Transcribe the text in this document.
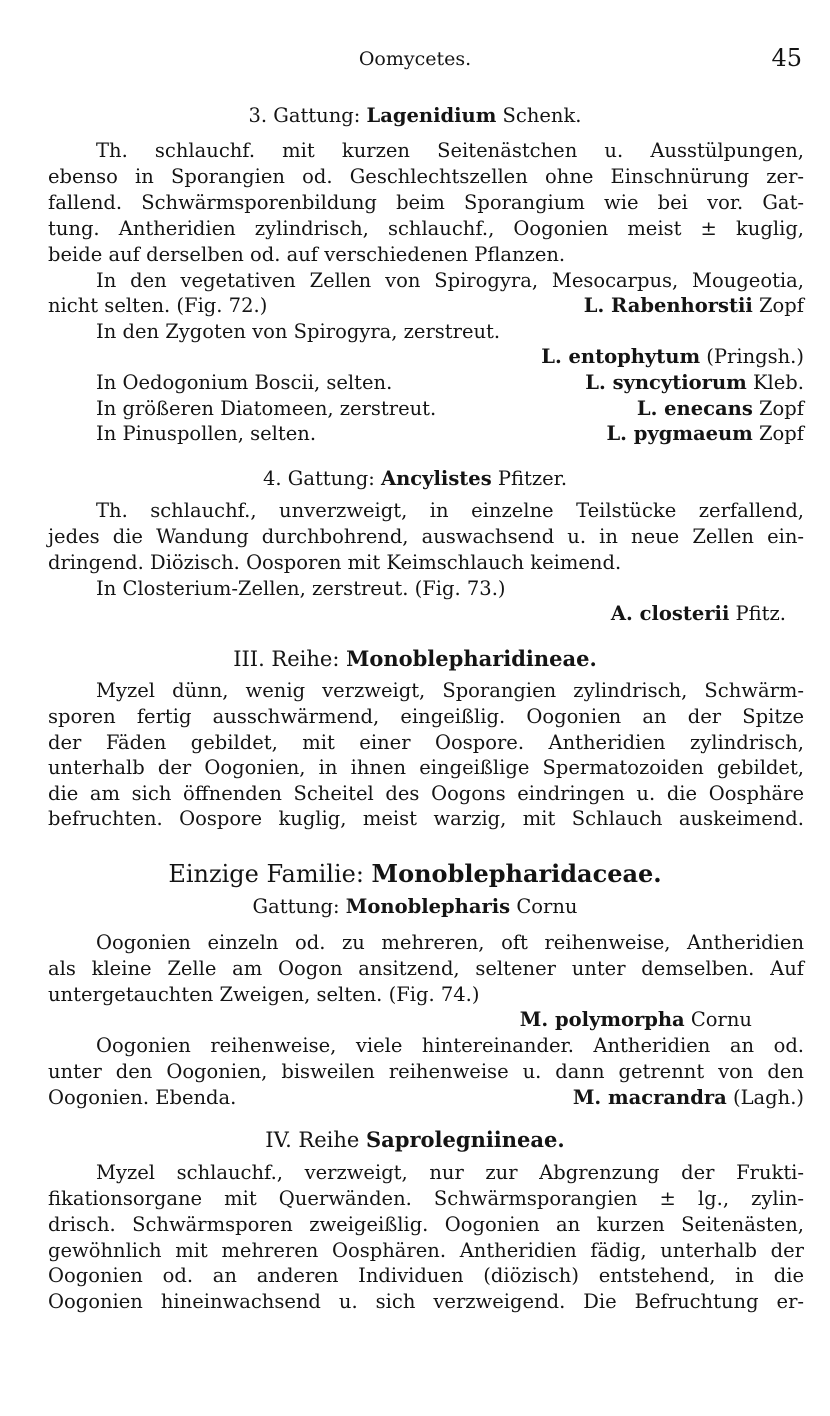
Oomycetes.	45
3. Gattung: Lagenidium Schenk.
Th. schlauchf. mit kurzen Seitenästchen u. Ausstülpungen,
ebenso in Sporangien od. Geschlechtszellen ohne Einschnürung zer-
fallend. Schwärmsporenbildung beim Sporangium wie bei vor. Gat-
tung. Antheridien zylindrisch, schlauchf., Oogonien meist ± kuglig,
beide auf derselben od. auf verschiedenen Pflanzen.
In den vegetativen Zellen von Spirogyra, Mesocarpus, Mougeotia,
nicht selten. (Fig. 72.)	L. Rabenhorstii Zopf
In den Zygoten von Spirogyra, zerstreut.
L. entophytum (Pringsh.)
In Oedogonium Boscii, selten.	L. syncytiorum Kleb.
In größeren Diatomeen, zerstreut.	L. enecans Zopf
In Pinuspollen, selten.	L. pygmaeum Zopf
4. Gattung: Ancylistes Pfitzer.
Th. schlauchf., unverzweigt, in einzelne Teilstücke zerfallend,
jedes die Wandung durchbohrend, auswachsend u. in neue Zellen ein-
dringend. Diözisch. Oosporen mit Keimschlauch keimend.
In Closterium-Zellen, zerstreut. (Fig. 73.)
A. closterii Pfitz.
III. Reihe: Monoblepharidineae.
Myzel dünn, wenig verzweigt, Sporangien zylindrisch, Schwärm-
sporen fertig ausschwärmend, eingeißlig. Oogonien an der Spitze
der Fäden gebildet, mit einer Oospore. Antheridien zylindrisch,
unterhalb der Oogonien, in ihnen eingeißlige Spermatozoiden gebildet,
die am sich öffnenden Scheitel des Oogons eindringen u. die Oosphäre
befruchten. Oospore kuglig, meist warzig, mit Schlauch auskeimend.
Einzige Familie: Monoblepharidaceae.
Gattung: Monoblepharis Cornu
Oogonien einzeln od. zu mehreren, oft reihenweise, Antheridien
als kleine Zelle am Oogon ansitzend, seltener unter demselben. Auf
untergetauchten Zweigen, selten. (Fig. 74.)
M. polymorpha Cornu
Oogonien reihenweise, viele hintereinander. Antheridien an od.
unter den Oogonien, bisweilen reihenweise u. dann getrennt von den
Oogonien. Ebenda.	M. macrandra (Lagh.)
IV. Reihe Saprolegniineae.
Myzel schlauchf., verzweigt, nur zur Abgrenzung der Frukti-
fikationsorgane mit Querwänden. Schwärmsporangien ± lg., zylin-
drisch. Schwärmsporen zweigeißlig. Oogonien an kurzen Seitenästen,
gewöhnlich mit mehreren Oosphären. Antheridien fädig, unterhalb der
Oogonien od. an anderen Individuen (diözisch) entstehend, in die
Oogonien hineinwachsend u. sich verzweigend. Die Befruchtung er-
